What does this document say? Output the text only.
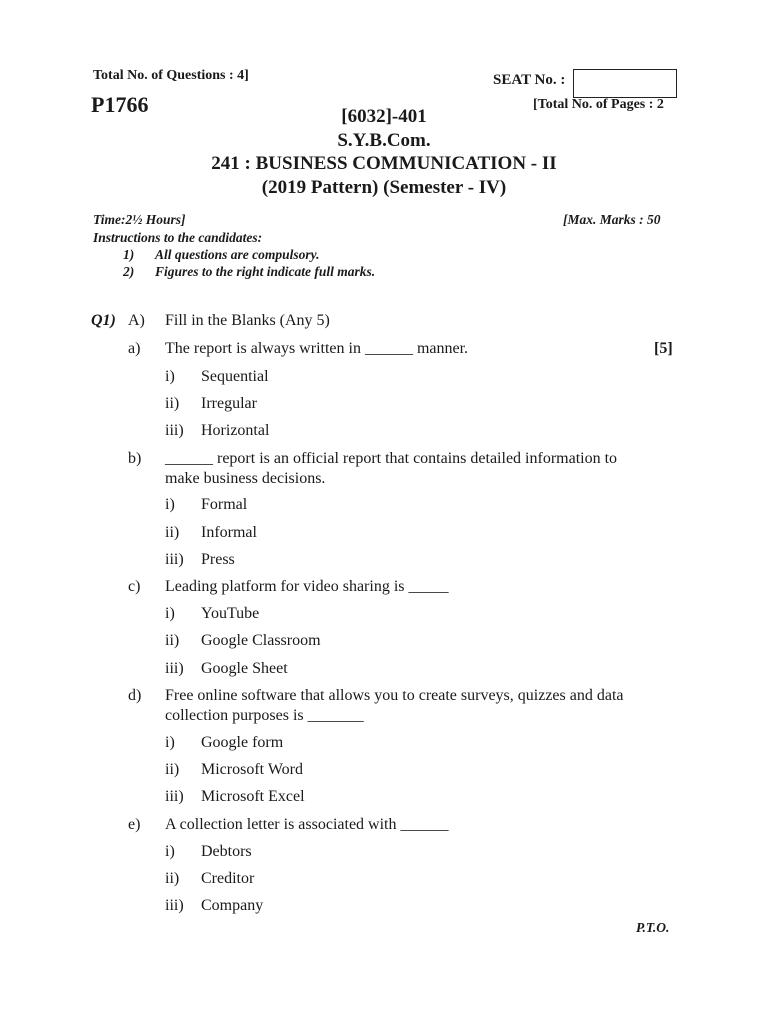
Total No. of Questions : 4]
P1766
SEAT No. :
[Total No. of Pages : 2
[6032]-401
S.Y.B.Com.
241 : BUSINESS COMMUNICATION - II
(2019 Pattern) (Semester - IV)
Time:2½ Hours]	[Max. Marks : 50
Instructions to the candidates:
1) All questions are compulsory.
2) Figures to the right indicate full marks.
Q1) A) Fill in the Blanks (Any 5)
[5]
a)	The report is always written in ______ manner.
i) Sequential
ii) Irregular
iii) Horizontal
b)	______ report is an official report that contains detailed information to
make business decisions.
i) Formal
ii) Informal
iii) Press
c)	Leading platform for video sharing is _____
i) YouTube
ii) Google Classroom
iii) Google Sheet
d)	Free online software that allows you to create surveys, quizzes and data
collection purposes is _______
i) Google form
ii) Microsoft Word
iii) Microsoft Excel
e)	A collection letter is associated with ______
i) Debtors
ii) Creditor
iii) Company
P.T.O.
